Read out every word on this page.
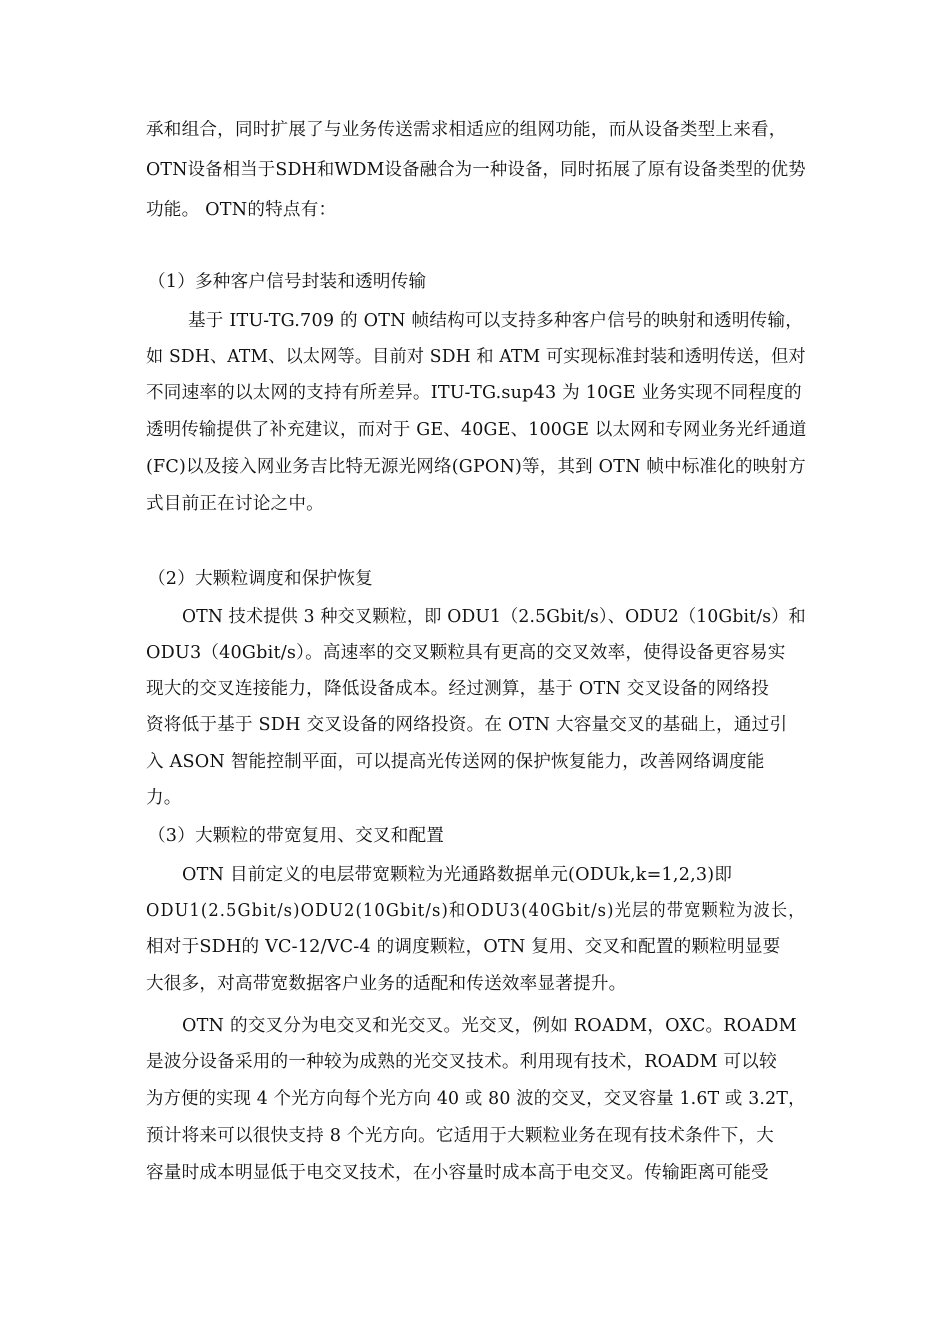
承和组合，同时扩展了与业务传送需求相适应的组网功能，而从设备类型上来看，
OTN设备相当于SDH和WDM设备融合为一种设备，同时拓展了原有设备类型的优势
功能。 OTN的特点有：
（1）多种客户信号封装和透明传输
基于 ITU-TG.709 的 OTN 帧结构可以支持多种客户信号的映射和透明传输，
如 SDH、ATM、以太网等。目前对 SDH 和 ATM 可实现标准封装和透明传送，但对
不同速率的以太网的支持有所差异。ITU-TG.sup43 为 10GE 业务实现不同程度的
透明传输提供了补充建议，而对于 GE、40GE、100GE 以太网和专网业务光纤通道
(FC)以及接入网业务吉比特无源光网络(GPON)等，其到 OTN 帧中标准化的映射方
式目前正在讨论之中。
（2）大颗粒调度和保护恢复
OTN 技术提供 3 种交叉颗粒，即 ODU1（2.5Gbit/s）、ODU2（10Gbit/s）和
ODU3（40Gbit/s）。高速率的交叉颗粒具有更高的交叉效率，使得设备更容易实
现大的交叉连接能力，降低设备成本。经过测算，基于 OTN 交叉设备的网络投
资将低于基于 SDH 交叉设备的网络投资。在 OTN 大容量交叉的基础上，通过引
入 ASON 智能控制平面，可以提高光传送网的保护恢复能力，改善网络调度能
力。
（3）大颗粒的带宽复用、交叉和配置
OTN 目前定义的电层带宽颗粒为光通路数据单元(ODUk,k=1,2,3)即
ODU1(2.5Gbit/s)ODU2(10Gbit/s)和ODU3(40Gbit/s)光层的带宽颗粒为波长，
相对于SDH的 VC-12/VC-4 的调度颗粒，OTN 复用、交叉和配置的颗粒明显要
大很多，对高带宽数据客户业务的适配和传送效率显著提升。
OTN 的交叉分为电交叉和光交叉。光交叉，例如 ROADM，OXC。ROADM
是波分设备采用的一种较为成熟的光交叉技术。利用现有技术，ROADM 可以较
为方便的实现 4 个光方向每个光方向 40 或 80 波的交叉，交叉容量 1.6T 或 3.2T，
预计将来可以很快支持 8 个光方向。它适用于大颗粒业务在现有技术条件下，大
容量时成本明显低于电交叉技术，在小容量时成本高于电交叉。传输距离可能受
